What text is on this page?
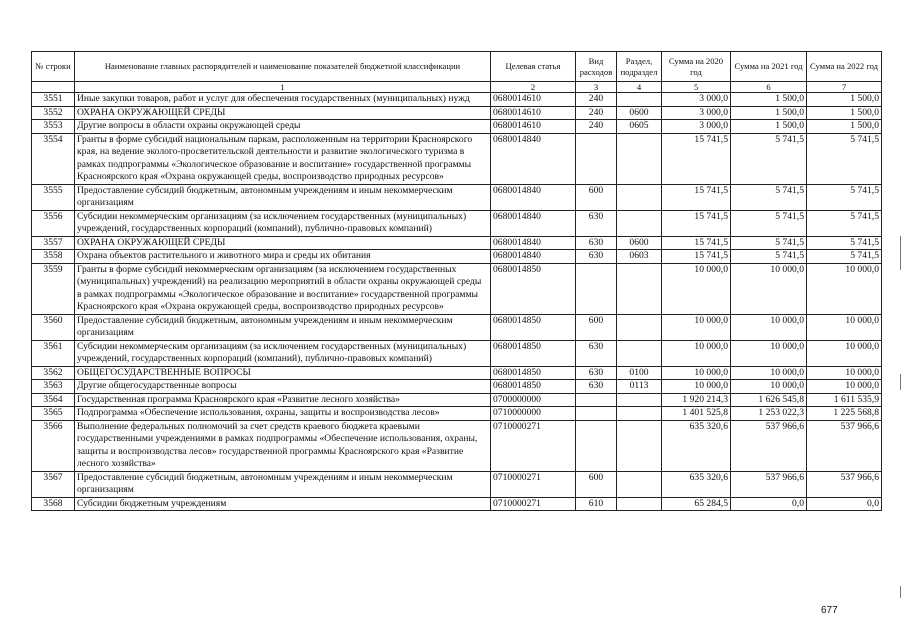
№ строки	Наименование главных распорядителей и наименование показателей бюджетной классификации	Целевая статья	Вид расходов	Раздел, подраздел	Сумма на 2020 год	Сумма на 2021 год	Сумма на 2022 год
	1	2	3	4	5	6	7
3551	Иные закупки товаров, работ и услуг для обеспечения государственных (муниципальных) нужд	0680014610	240		3 000,0	1 500,0	1 500,0
3552	ОХРАНА ОКРУЖАЮЩЕЙ СРЕДЫ	0680014610	240	0600	3 000,0	1 500,0	1 500,0
3553	Другие вопросы в области охраны окружающей среды	0680014610	240	0605	3 000,0	1 500,0	1 500,0
3554	Гранты в форме субсидий национальным паркам, расположенным на территории Красноярского края, на ведение эколого-просветительской деятельности и развитие экологического туризма в рамках подпрограммы «Экологическое образование и воспитание» государственной программы Красноярского края «Охрана окружающей среды, воспроизводство природных ресурсов»	0680014840			15 741,5	5 741,5	5 741,5
3555	Предоставление субсидий бюджетным, автономным учреждениям и иным некоммерческим организациям	0680014840	600		15 741,5	5 741,5	5 741,5
3556	Субсидии некоммерческим организациям (за исключением государственных (муниципальных) учреждений, государственных корпораций (компаний), публично-правовых компаний)	0680014840	630		15 741,5	5 741,5	5 741,5
3557	ОХРАНА ОКРУЖАЮЩЕЙ СРЕДЫ	0680014840	630	0600	15 741,5	5 741,5	5 741,5
3558	Охрана объектов растительного и животного мира и среды их обитания	0680014840	630	0603	15 741,5	5 741,5	5 741,5
3559	Гранты в форме субсидий некоммерческим организациям (за исключением государственных (муниципальных) учреждений) на реализацию мероприятий в области охраны окружающей среды в рамках подпрограммы «Экологическое образование и воспитание» государственной программы Красноярского края «Охрана окружающей среды, воспроизводство природных ресурсов»	0680014850			10 000,0	10 000,0	10 000,0
3560	Предоставление субсидий бюджетным, автономным учреждениям и иным некоммерческим организациям	0680014850	600		10 000,0	10 000,0	10 000,0
3561	Субсидии некоммерческим организациям (за исключением государственных (муниципальных) учреждений, государственных корпораций (компаний), публично-правовых компаний)	0680014850	630		10 000,0	10 000,0	10 000,0
3562	ОБЩЕГОСУДАРСТВЕННЫЕ ВОПРОСЫ	0680014850	630	0100	10 000,0	10 000,0	10 000,0
3563	Другие общегосударственные вопросы	0680014850	630	0113	10 000,0	10 000,0	10 000,0
3564	Государственная программа Красноярского края «Развитие лесного хозяйства»	0700000000			1 920 214,3	1 626 545,8	1 611 535,9
3565	Подпрограмма «Обеспечение использования, охраны, защиты и воспроизводства лесов»	0710000000			1 401 525,8	1 253 022,3	1 225 568,8
3566	Выполнение федеральных полномочий за счет средств краевого бюджета краевыми государственными учреждениями в рамках подпрограммы «Обеспечение использования, охраны, защиты и воспроизводства лесов» государственной программы Красноярского края «Развитие лесного хозяйства»	0710000271			635 320,6	537 966,6	537 966,6
3567	Предоставление субсидий бюджетным, автономным учреждениям и иным некоммерческим организациям	0710000271	600		635 320,6	537 966,6	537 966,6
3568	Субсидии бюджетным учреждениям	0710000271	610		65 284,5	0,0	0,0
677
